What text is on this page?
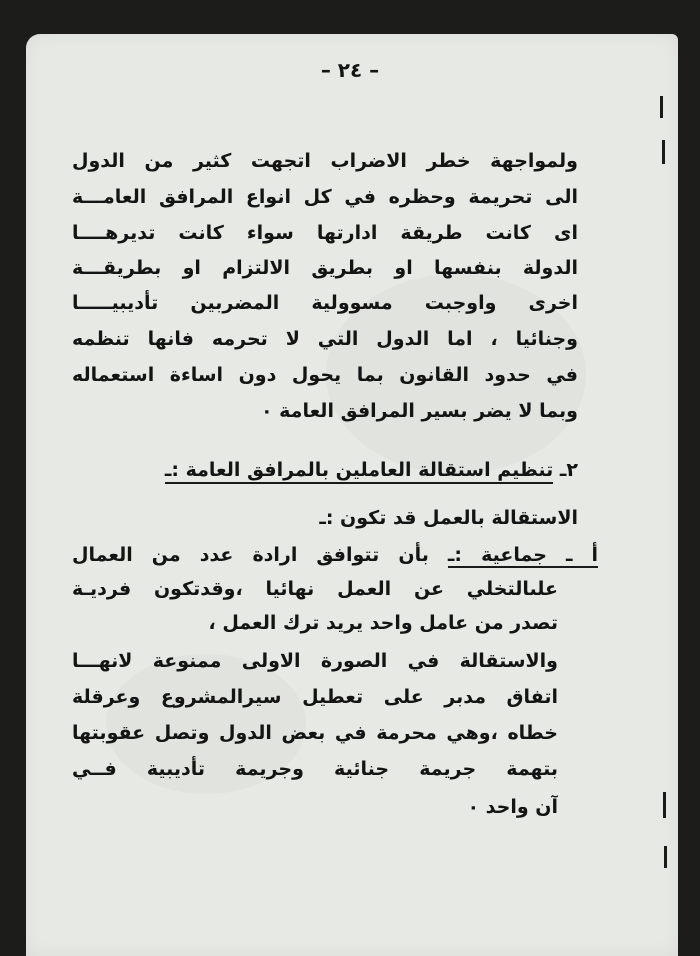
– ٢٤ –
ولمواجهة خطر الاضراب اتجهت كثير من الدول
الى تحريمة وحظره في كل انواع المرافق العامـــة
اى كانت طريقة ادارتها سواء كانت تديرهــــا
الدولة بنفسها او بطريق الالتزام او بطريقـــة
اخرى واوجبت مسوولية المضربين تأديبيـــــا
وجنائيا ، اما الدول التي لا تحرمه فانها تنظمه
في حدود القانون بما يحول دون اساءة استعماله
وبما لا يضر بسير المرافق العامة ٠
٢ـ تنظيم استقالة العاملين بالمرافق العامة :ـ
الاستقالة بالعمل قد تكون :ـ
أ ـ جماعية :ـ بأن تتوافق ارادة عدد من العمال
علىالتخلي عن العمل نهائيا ،وقدتكون فرديـة
تصدر من عامل واحد يريد ترك العمل ،
والاستقالة في الصورة الاولى ممنوعة لانهـــا
اتفاق مدبر على تعطيل سيرالمشروع وعرقلة
خطاه ،وهي محرمة في بعض الدول وتصل عقوبتها
بتهمة جريمة جنائية وجريمة تأديبية فــي
آن واحد ٠
